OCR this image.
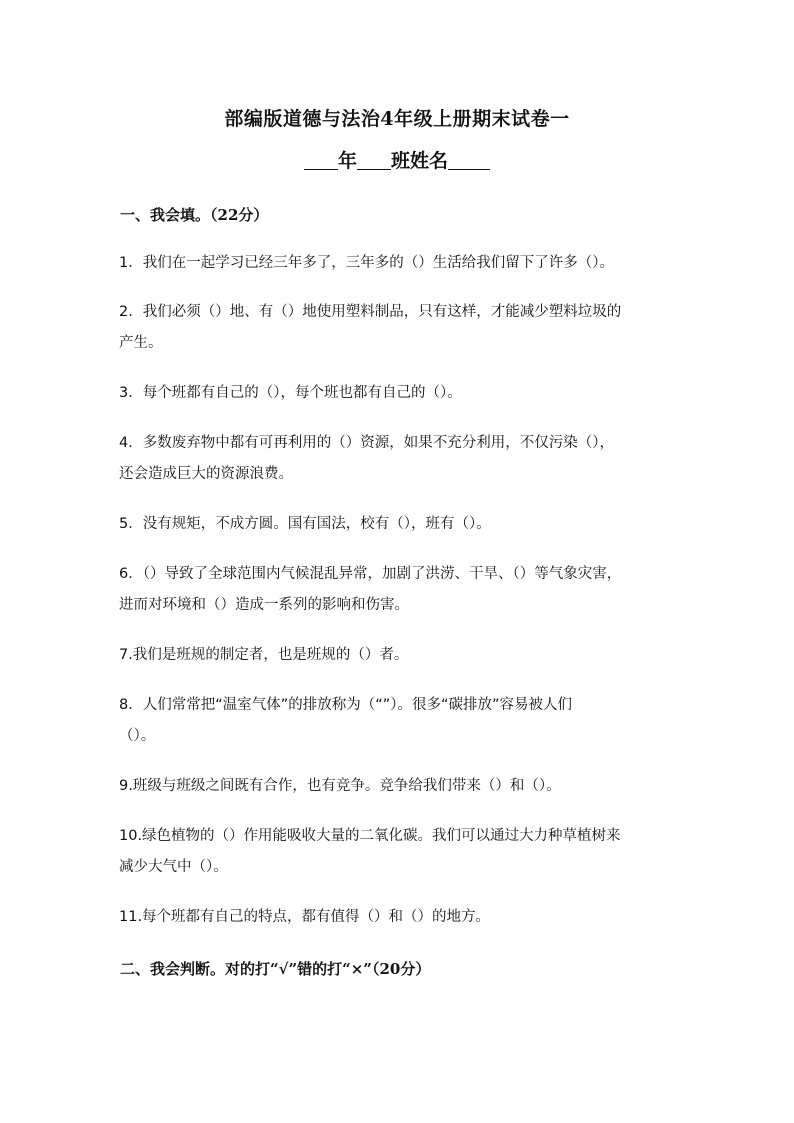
部编版道德与法治4年级上册期末试卷一
年 班姓名
一、我会填。（22分）
1．我们在一起学习已经三年多了，三年多的（）生活给我们留下了许多（）。
2．我们必须（）地、有（）地使用塑料制品，只有这样，才能减少塑料垃圾的
产生。
3．每个班都有自己的（），每个班也都有自己的（）。
4．多数废弃物中都有可再利用的（）资源，如果不充分利用，不仅污染（），
还会造成巨大的资源浪费。
5．没有规矩，不成方圆。国有国法，校有（），班有（）。
6．（）导致了全球范围内气候混乱异常，加剧了洪涝、干旱、（）等气象灾害，
进而对环境和（）造成一系列的影响和伤害。
7.我们是班规的制定者，也是班规的（）者。
8．人们常常把“温室气体”的排放称为（“”）。很多“碳排放”容易被人们
（）。
9.班级与班级之间既有合作，也有竞争。竞争给我们带来（）和（）。
10.绿色植物的（）作用能吸收大量的二氧化碳。我们可以通过大力种草植树来
减少大气中（）。
11.每个班都有自己的特点，都有值得（）和（）的地方。
二、我会判断。对的打“√”错的打“×”（20分）
